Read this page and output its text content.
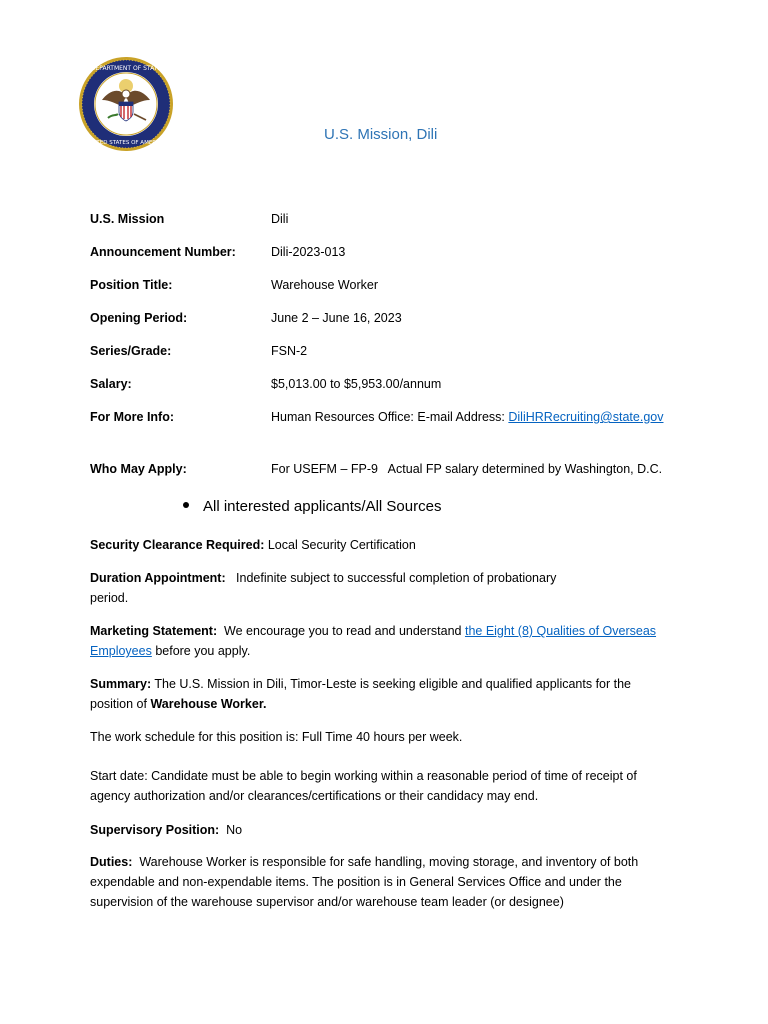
DEPARTMENT OF STATE
UNITED STATES OF AMERICA	U.S. Mission, Dili
U.S. Mission	Dili
Announcement Number:	Dili-2023-013
Position Title:	Warehouse Worker
Opening Period:	June 2 – June 16, 2023
Series/Grade:	FSN-2
Salary:	$5,013.00 to $5,953.00/annum
For More Info:	Human Resources Office: E-mail Address: DiliHRRecruiting@state.gov
Who May Apply:	For USEFM – FP-9   Actual FP salary determined by Washington, D.C.
All interested applicants/All Sources
Security Clearance Required: Local Security Certification
Duration Appointment:   Indefinite subject to successful completion of probationary
period.
Marketing Statement:  We encourage you to read and understand the Eight (8) Qualities of Overseas
Employees before you apply.
Summary: The U.S. Mission in Dili, Timor-Leste is seeking eligible and qualified applicants for the
position of Warehouse Worker.
The work schedule for this position is: Full Time 40 hours per week.
Start date: Candidate must be able to begin working within a reasonable period of time of receipt of
agency authorization and/or clearances/certifications or their candidacy may end.
Supervisory Position:  No
Duties:  Warehouse Worker is responsible for safe handling, moving storage, and inventory of both
expendable and non-expendable items. The position is in General Services Office and under the
supervision of the warehouse supervisor and/or warehouse team leader (or designee)
